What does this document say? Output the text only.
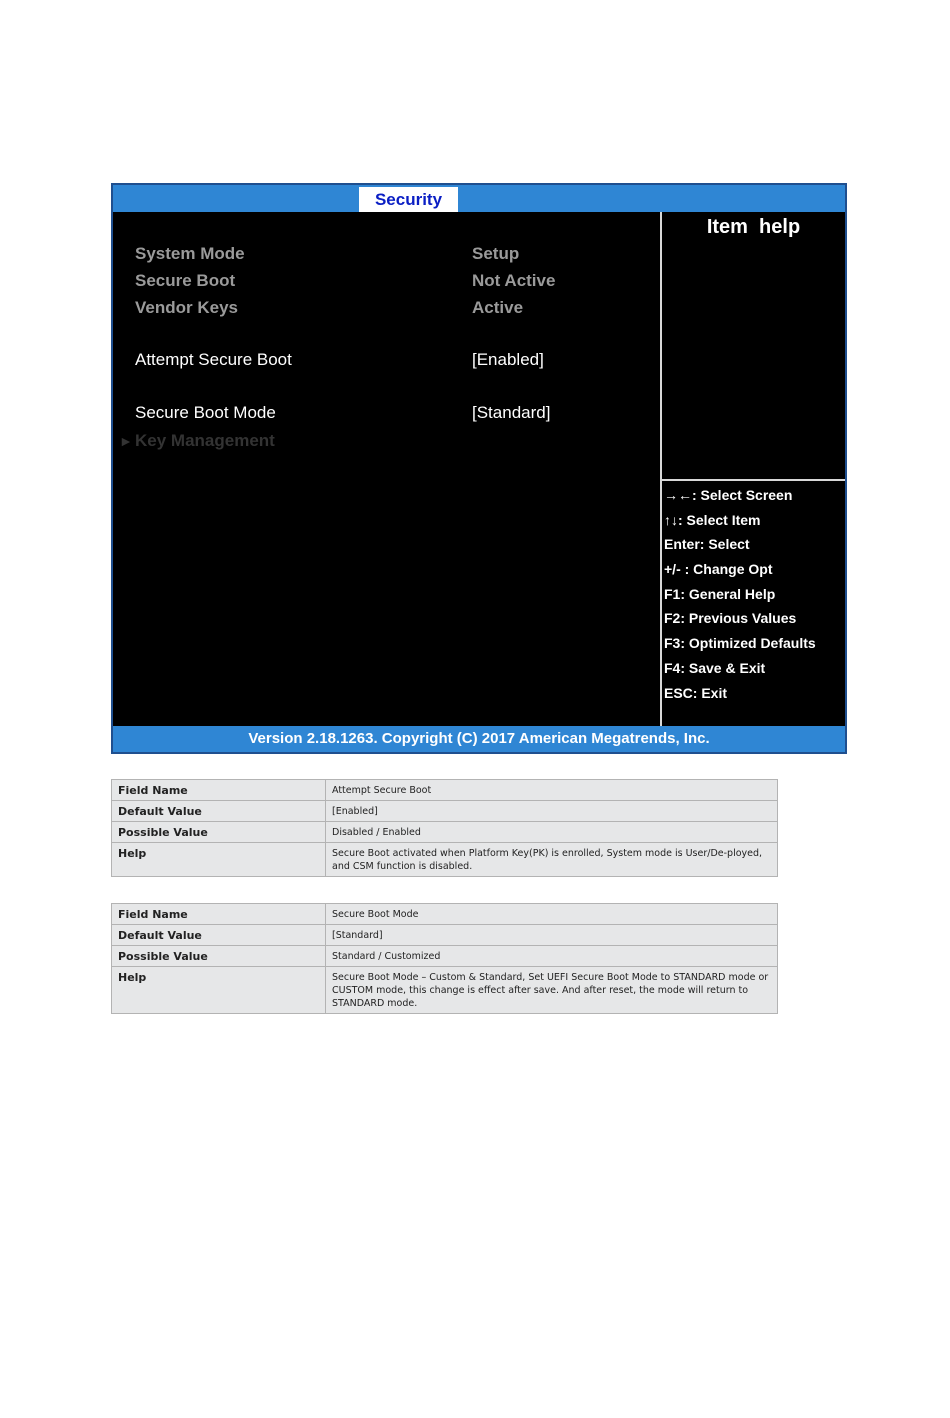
Security
Item  help
System Mode	Setup
Secure Boot	Not Active
Vendor Keys	Active
Attempt Secure Boot	[Enabled]
Secure Boot Mode	[Standard]
► Key Management
→←: Select Screen
↑↓: Select Item
Enter: Select
+/- : Change Opt
F1: General Help
F2: Previous Values
F3: Optimized Defaults
F4: Save & Exit
ESC: Exit
Version 2.18.1263. Copyright (C) 2017 American Megatrends, Inc.
Field Name	Attempt Secure Boot
Default Value	[Enabled]
Possible Value	Disabled / Enabled
Help	Secure Boot activated when Platform Key(PK) is enrolled, System mode is User/De-ployed, and CSM function is disabled.
Field Name	Secure Boot Mode
Default Value	[Standard]
Possible Value	Standard / Customized
Help	Secure Boot Mode – Custom & Standard, Set UEFI Secure Boot Mode to STANDARD mode or CUSTOM mode, this change is effect after save. And after reset, the mode will return to STANDARD mode.
